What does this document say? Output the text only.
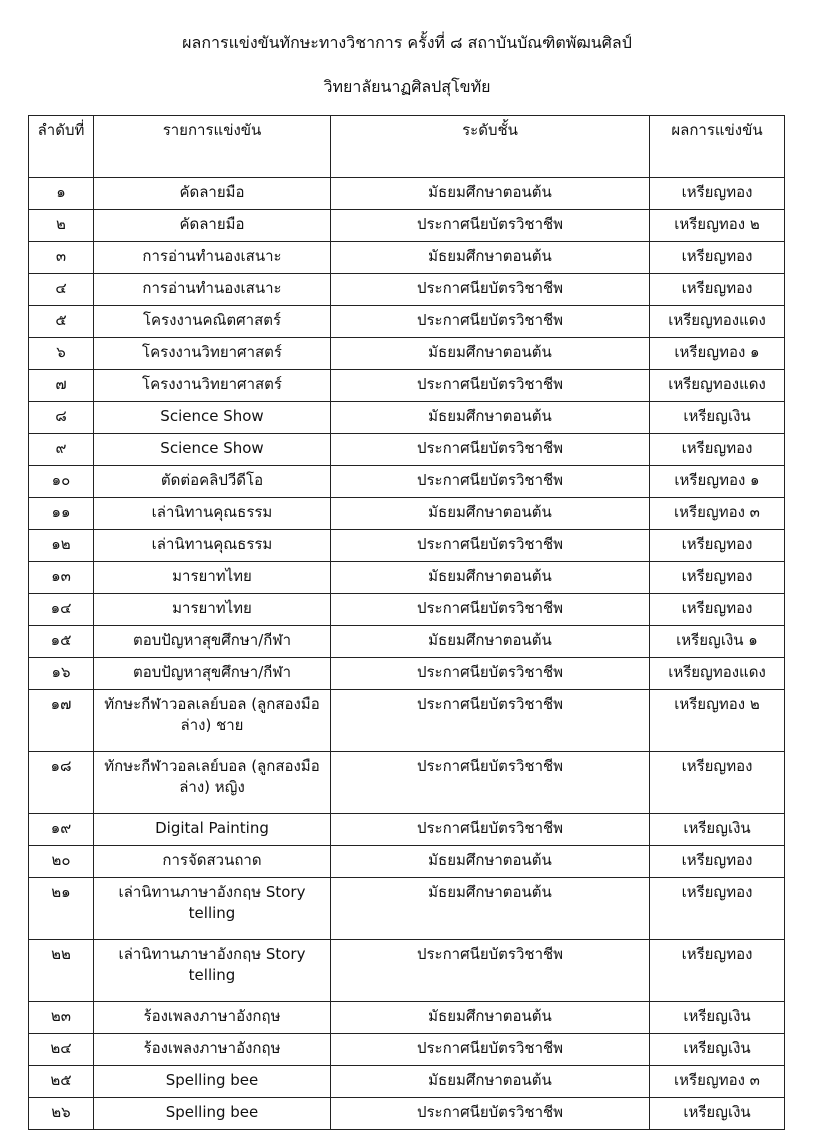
ผลการแข่งขันทักษะทางวิชาการ ครั้งที่ ๘ สถาบันบัณฑิตพัฒนศิลป์
วิทยาลัยนาฏศิลปสุโขทัย
ลำดับที่	รายการแข่งขัน	ระดับชั้น	ผลการแข่งขัน
๑	คัดลายมือ	มัธยมศึกษาตอนต้น	เหรียญทอง
๒	คัดลายมือ	ประกาศนียบัตรวิชาชีพ	เหรียญทอง ๒
๓	การอ่านทำนองเสนาะ	มัธยมศึกษาตอนต้น	เหรียญทอง
๔	การอ่านทำนองเสนาะ	ประกาศนียบัตรวิชาชีพ	เหรียญทอง
๕	โครงงานคณิตศาสตร์	ประกาศนียบัตรวิชาชีพ	เหรียญทองแดง
๖	โครงงานวิทยาศาสตร์	มัธยมศึกษาตอนต้น	เหรียญทอง ๑
๗	โครงงานวิทยาศาสตร์	ประกาศนียบัตรวิชาชีพ	เหรียญทองแดง
๘	Science Show	มัธยมศึกษาตอนต้น	เหรียญเงิน
๙	Science Show	ประกาศนียบัตรวิชาชีพ	เหรียญทอง
๑๐	ตัดต่อคลิปวีดีโอ	ประกาศนียบัตรวิชาชีพ	เหรียญทอง ๑
๑๑	เล่านิทานคุณธรรม	มัธยมศึกษาตอนต้น	เหรียญทอง ๓
๑๒	เล่านิทานคุณธรรม	ประกาศนียบัตรวิชาชีพ	เหรียญทอง
๑๓	มารยาทไทย	มัธยมศึกษาตอนต้น	เหรียญทอง
๑๔	มารยาทไทย	ประกาศนียบัตรวิชาชีพ	เหรียญทอง
๑๕	ตอบปัญหาสุขศึกษา/กีฬา	มัธยมศึกษาตอนต้น	เหรียญเงิน ๑
๑๖	ตอบปัญหาสุขศึกษา/กีฬา	ประกาศนียบัตรวิชาชีพ	เหรียญทองแดง
๑๗	ทักษะกีฬาวอลเลย์บอล (ลูกสองมือล่าง) ชาย	ประกาศนียบัตรวิชาชีพ	เหรียญทอง ๒
๑๘	ทักษะกีฬาวอลเลย์บอล (ลูกสองมือล่าง) หญิง	ประกาศนียบัตรวิชาชีพ	เหรียญทอง
๑๙	Digital Painting	ประกาศนียบัตรวิชาชีพ	เหรียญเงิน
๒๐	การจัดสวนถาด	มัธยมศึกษาตอนต้น	เหรียญทอง
๒๑	เล่านิทานภาษาอังกฤษ Story telling	มัธยมศึกษาตอนต้น	เหรียญทอง
๒๒	เล่านิทานภาษาอังกฤษ Story telling	ประกาศนียบัตรวิชาชีพ	เหรียญทอง
๒๓	ร้องเพลงภาษาอังกฤษ	มัธยมศึกษาตอนต้น	เหรียญเงิน
๒๔	ร้องเพลงภาษาอังกฤษ	ประกาศนียบัตรวิชาชีพ	เหรียญเงิน
๒๕	Spelling bee	มัธยมศึกษาตอนต้น	เหรียญทอง ๓
๒๖	Spelling bee	ประกาศนียบัตรวิชาชีพ	เหรียญเงิน
